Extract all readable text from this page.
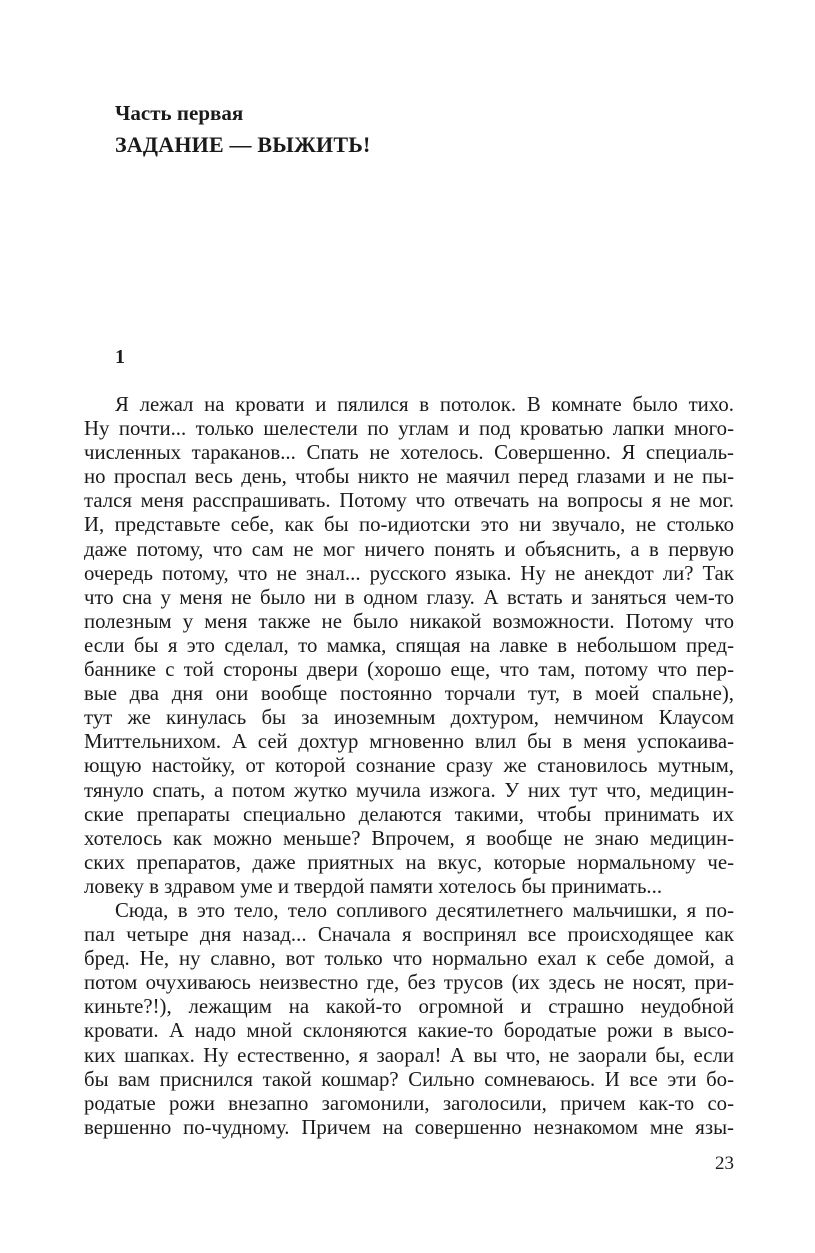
Часть первая
ЗАДАНИЕ — ВЫЖИТЬ!
1
Я лежал на кровати и пялился в потолок. В комнате было тихо.
Ну почти... только шелестели по углам и под кроватью лапки много-
численных тараканов... Спать не хотелось. Совершенно. Я специаль-
но проспал весь день, чтобы никто не маячил перед глазами и не пы-
тался меня расспрашивать. Потому что отвечать на вопросы я не мог.
И, представьте себе, как бы по-идиотски это ни звучало, не столько
даже потому, что сам не мог ничего понять и объяснить, а в первую
очередь потому, что не знал... русского языка. Ну не анекдот ли? Так
что сна у меня не было ни в одном глазу. А встать и заняться чем-то
полезным у меня также не было никакой возможности. Потому что
если бы я это сделал, то мамка, спящая на лавке в небольшом пред-
баннике с той стороны двери (хорошо еще, что там, потому что пер-
вые два дня они вообще постоянно торчали тут, в моей спальне),
тут же кинулась бы за иноземным дохтуром, немчином Клаусом
Миттельнихом. А сей дохтур мгновенно влил бы в меня успокаива-
ющую настойку, от которой сознание сразу же становилось мутным,
тянуло спать, а потом жутко мучила изжога. У них тут что, медицин-
ские препараты специально делаются такими, чтобы принимать их
хотелось как можно меньше? Впрочем, я вообще не знаю медицин-
ских препаратов, даже приятных на вкус, которые нормальному че-
ловеку в здравом уме и твердой памяти хотелось бы принимать...
Сюда, в это тело, тело сопливого десятилетнего мальчишки, я по-
пал четыре дня назад... Сначала я воспринял все происходящее как
бред. Не, ну славно, вот только что нормально ехал к себе домой, а
потом очухиваюсь неизвестно где, без трусов (их здесь не носят, при-
киньте?!), лежащим на какой-то огромной и страшно неудобной
кровати. А надо мной склоняются какие-то бородатые рожи в высо-
ких шапках. Ну естественно, я заорал! А вы что, не заорали бы, если
бы вам приснился такой кошмар? Сильно сомневаюсь. И все эти бо-
родатые рожи внезапно загомонили, заголосили, причем как-то со-
вершенно по-чудному. Причем на совершенно незнакомом мне язы-
23
